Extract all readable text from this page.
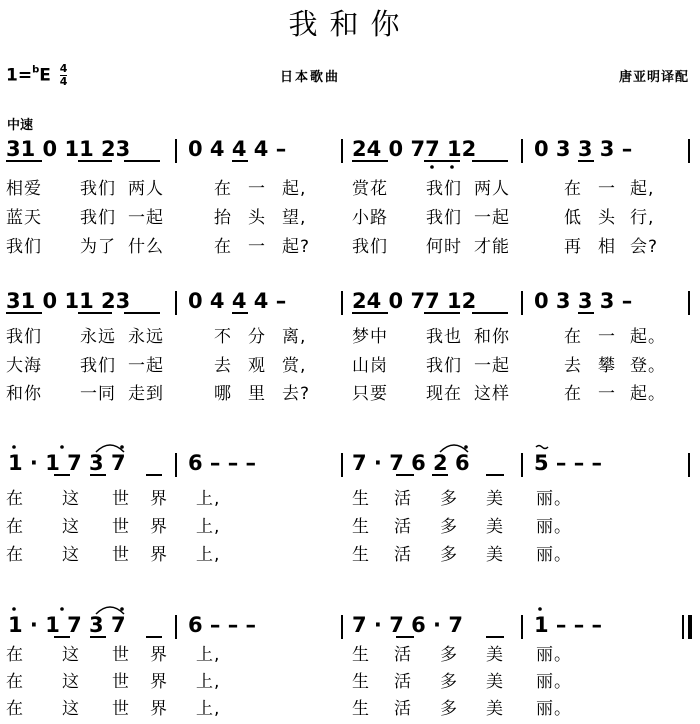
我和你
$1=^bE \frac{4}{4}$	日本歌曲	唐亚明译配
中速
31 0 11 23	0 4 4 4 –	24 0 77 12	0 3 3 3 –
相爱 我们 两人	在 一 起,	赏花 我们 两人	在 一 起,
蓝天 我们 一起	抬 头 望,	小路 我们 一起	低 头 行,
我们 为了 什么	在 一 起? 我们 何时 才能	再 相 会?
31 0 11 23	0 4 4 4 –	24 0 77 12	0 3 3 3 –
我们 永远 永远	不 分 离,	梦中 我也 和你	在 一 起。
大海 我们 一起	去 观 赏,	山岗 我们 一起	去 攀 登。
和你 一同 走到	哪 里 去? 只要 现在 这样	在 一 起。
1 · 1 7 3 7	6 – – –	7 · 7 6 2 6	5 – – –
在 这 世 界 上,	生 活 多 美 丽。
在 这 世 界 上,	生 活 多 美 丽。
在 这 世 界 上,	生 活 多 美 丽。
1 · 1 7 3 7	6 – – –	7 · 7 6 · 7	1 – – –
在 这 世 界 上,	生 活 多 美 丽。
在 这 世 界 上,	生 活 多 美 丽。
在 这 世 界 上,	生 活 多 美 丽。
